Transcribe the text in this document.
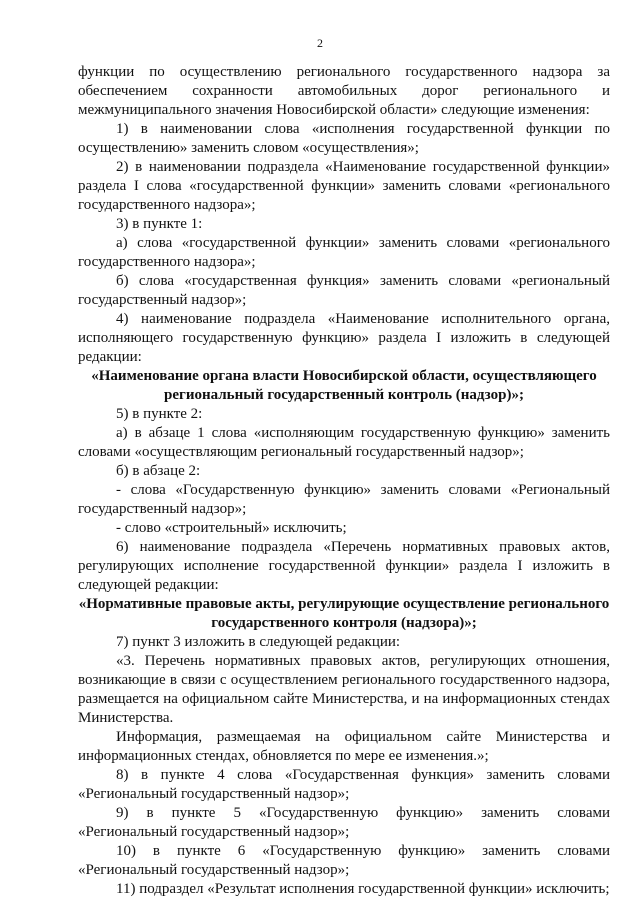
2

функции по осуществлению регионального государственного надзора за обеспечением сохранности автомобильных дорог регионального и межмуниципального значения Новосибирской области» следующие изменения:

1) в наименовании слова «исполнения государственной функции по осуществлению» заменить словом «осуществления»;

2) в наименовании подраздела «Наименование государственной функции» раздела I слова «государственной функции» заменить словами «регионального государственного надзора»;

3) в пункте 1:

а) слова «государственной функции» заменить словами «регионального государственного надзора»;

б) слова «государственная функция» заменить словами «региональный государственный надзор»;

4) наименование подраздела «Наименование исполнительного органа, исполняющего государственную функцию» раздела I изложить в следующей редакции:

«Наименование органа власти Новосибирской области, осуществляющего региональный государственный контроль (надзор)»;

5) в пункте 2:

а) в абзаце 1 слова «исполняющим государственную функцию» заменить словами «осуществляющим региональный государственный надзор»;

б) в абзаце 2:

- слова «Государственную функцию» заменить словами «Региональный государственный надзор»;

- слово «строительный» исключить;

6) наименование подраздела «Перечень нормативных правовых актов, регулирующих исполнение государственной функции» раздела I изложить в следующей редакции:

«Нормативные правовые акты, регулирующие осуществление регионального государственного контроля (надзора)»;

7) пункт 3 изложить в следующей редакции:

«3. Перечень нормативных правовых актов, регулирующих отношения, возникающие в связи с осуществлением регионального государственного надзора, размещается на официальном сайте Министерства, и на информационных стендах Министерства.

Информация, размещаемая на официальном сайте Министерства и информационных стендах, обновляется по мере ее изменения.»;

8) в пункте 4 слова «Государственная функция» заменить словами «Региональный государственный надзор»;

9) в пункте 5 «Государственную функцию» заменить словами «Региональный государственный надзор»;

10) в пункте 6 «Государственную функцию» заменить словами «Региональный государственный надзор»;

11) подраздел «Результат исполнения государственной функции» исключить;
